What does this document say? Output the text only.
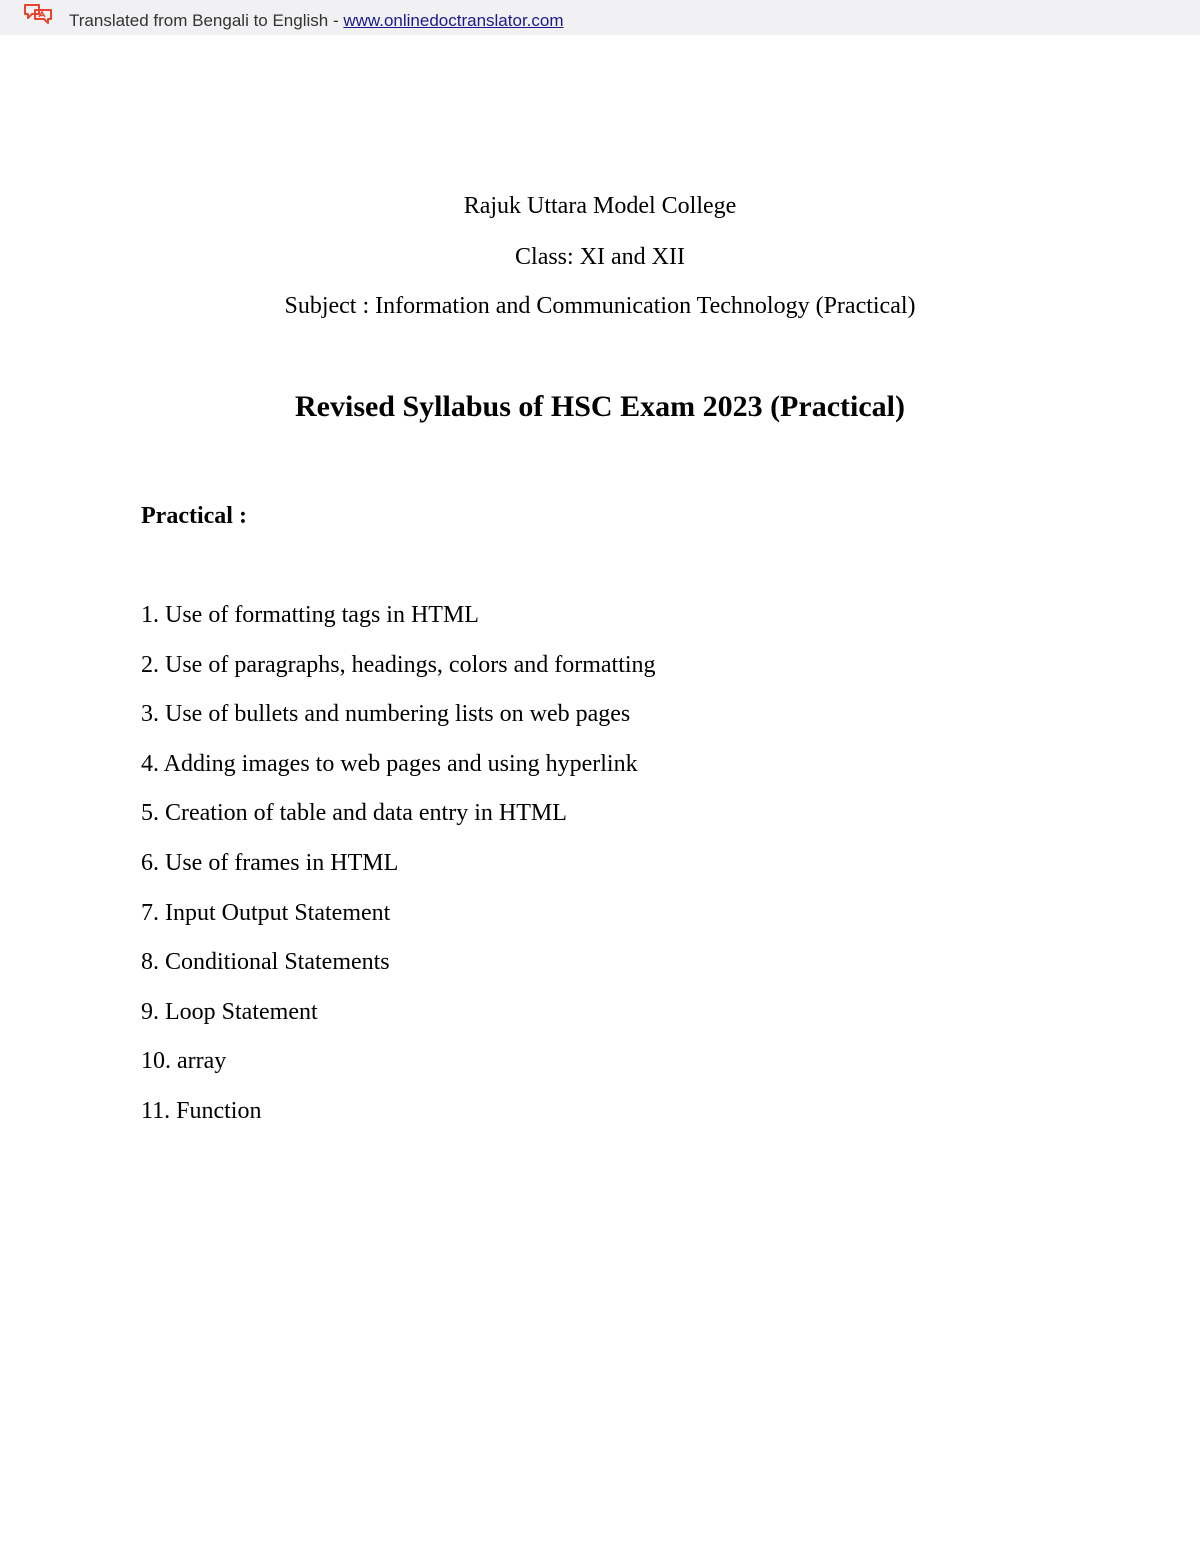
Translated from Bengali to English - www.onlinedoctranslator.com
Rajuk Uttara Model College
Class: XI and XII
Subject : Information and Communication Technology (Practical)
Revised Syllabus of HSC Exam 2023 (Practical)
Practical :
1. Use of formatting tags in HTML
2. Use of paragraphs, headings, colors and formatting
3. Use of bullets and numbering lists on web pages
4. Adding images to web pages and using hyperlink
5. Creation of table and data entry in HTML
6. Use of frames in HTML
7. Input Output Statement
8. Conditional Statements
9. Loop Statement
10. array
11. Function
